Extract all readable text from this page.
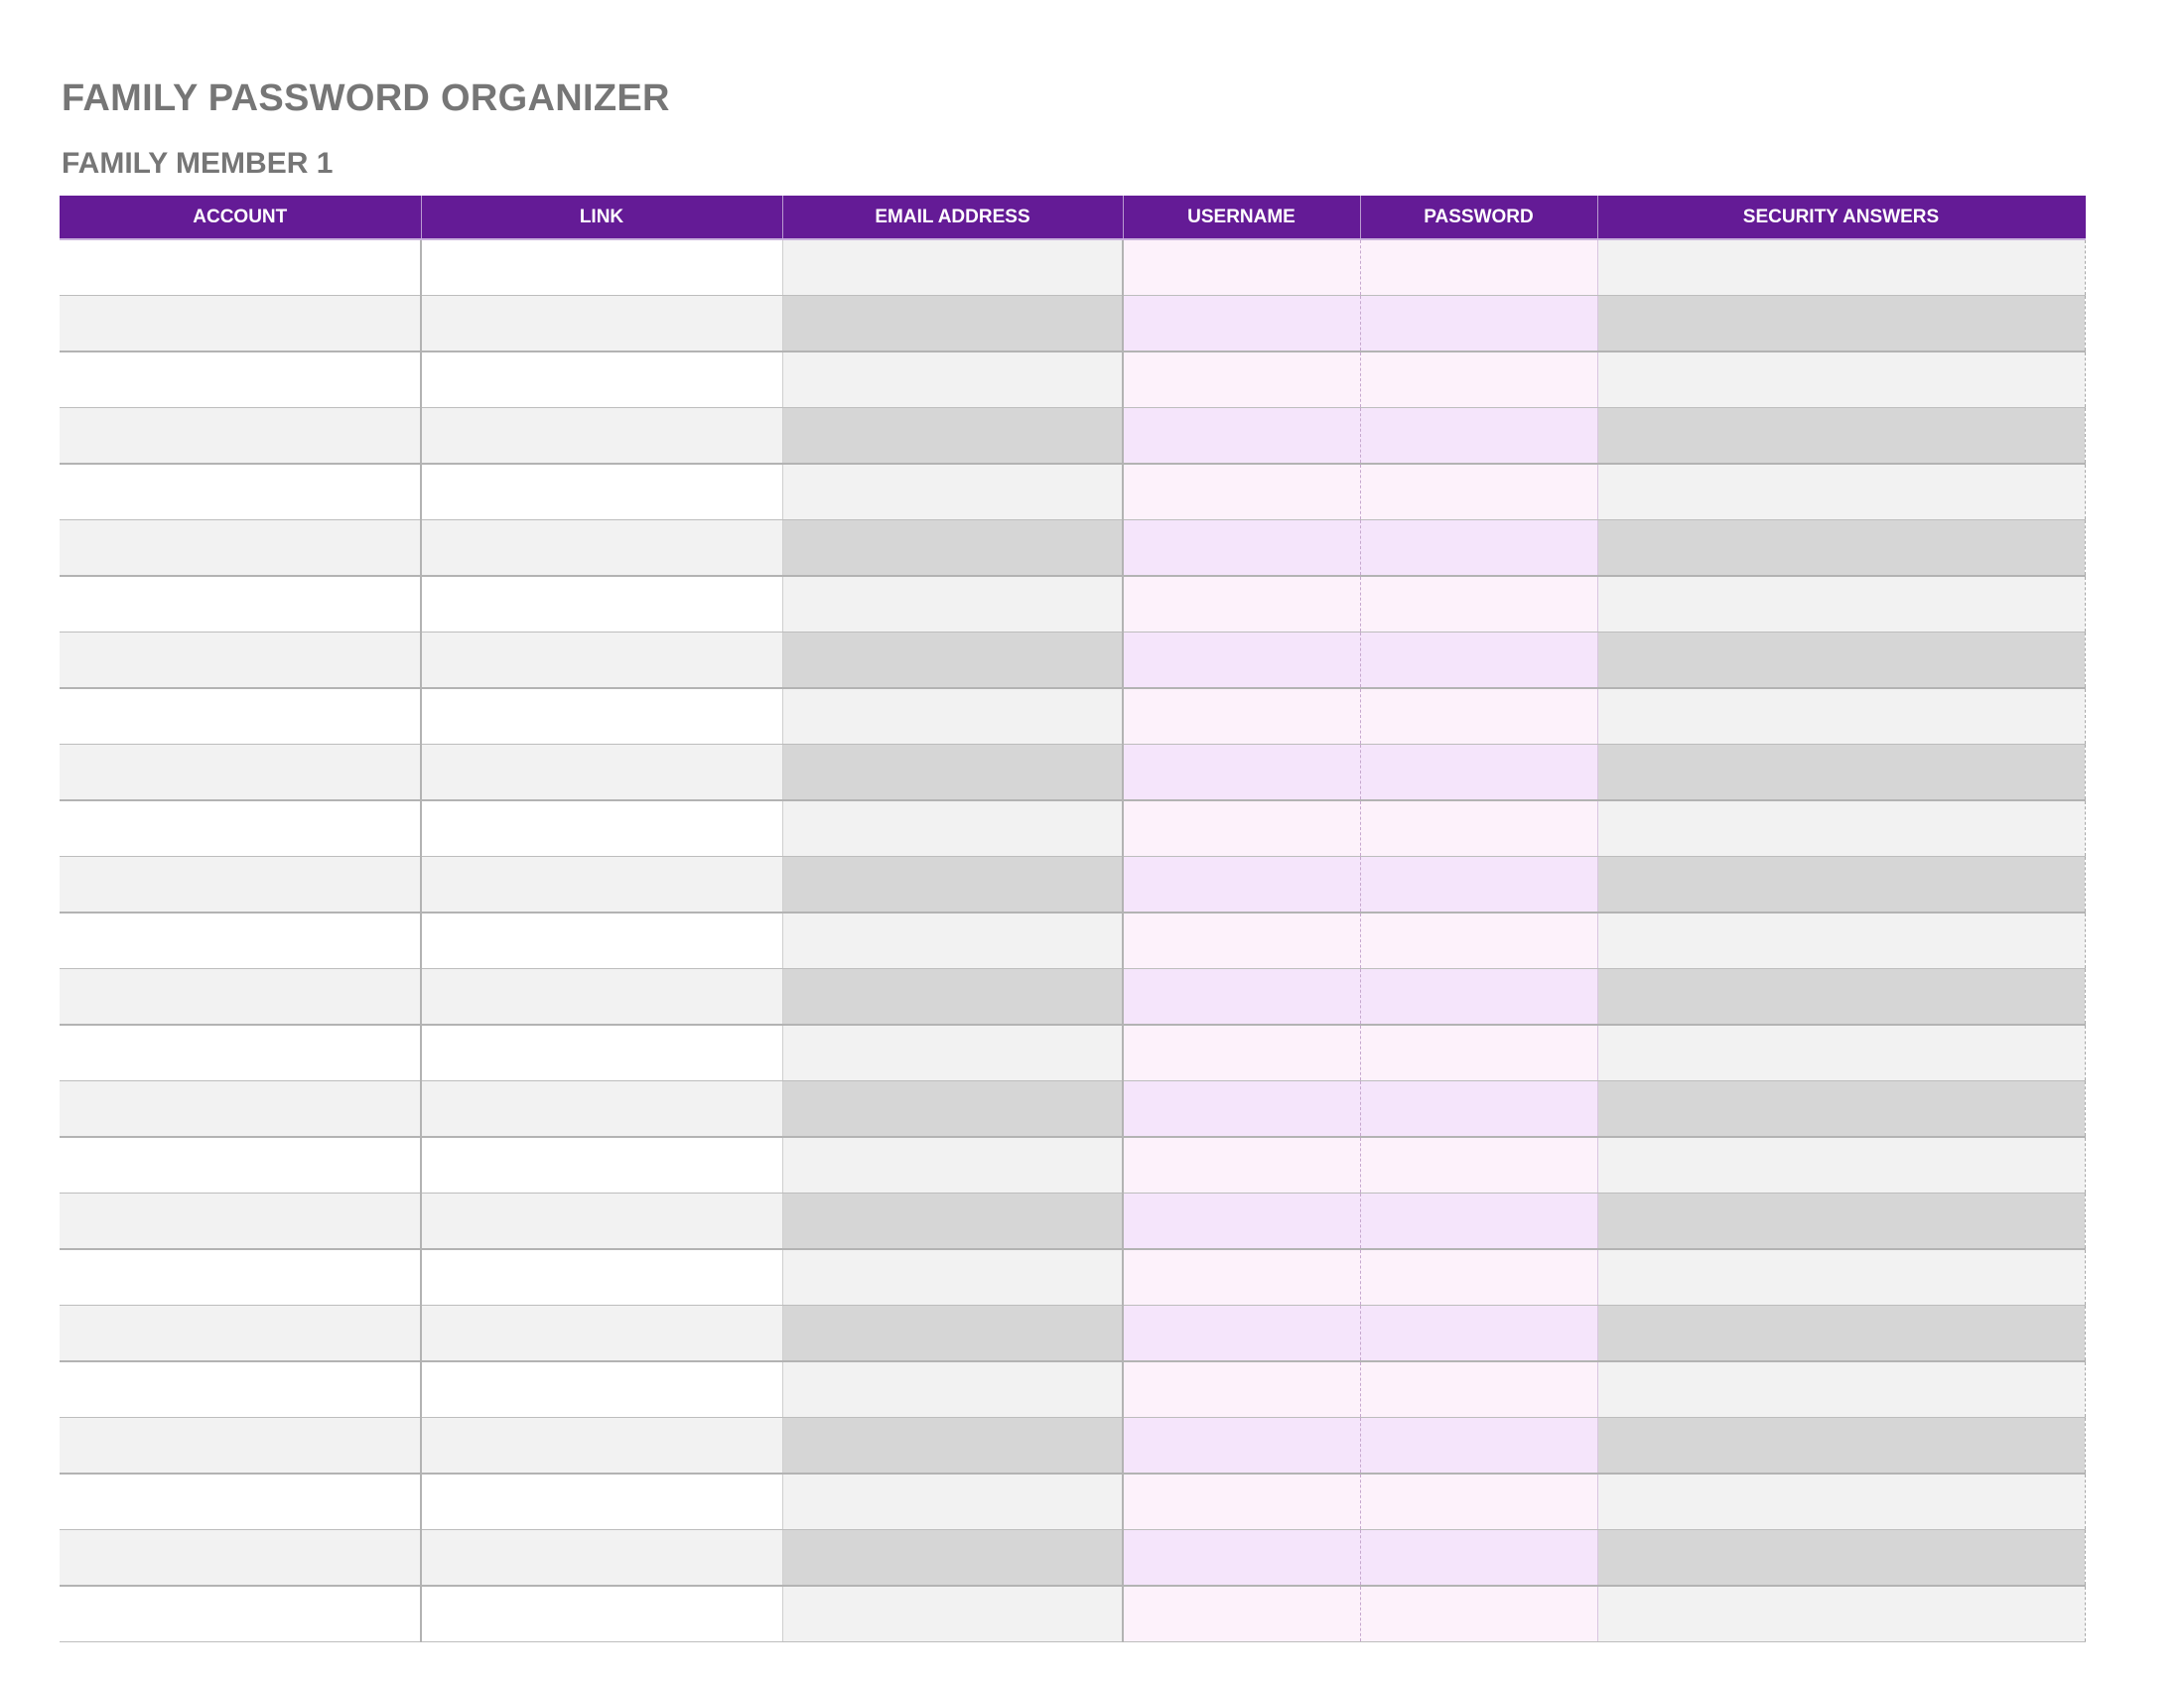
FAMILY PASSWORD ORGANIZER
FAMILY MEMBER 1
ACCOUNT	LINK	EMAIL ADDRESS	USERNAME	PASSWORD	SECURITY ANSWERS
